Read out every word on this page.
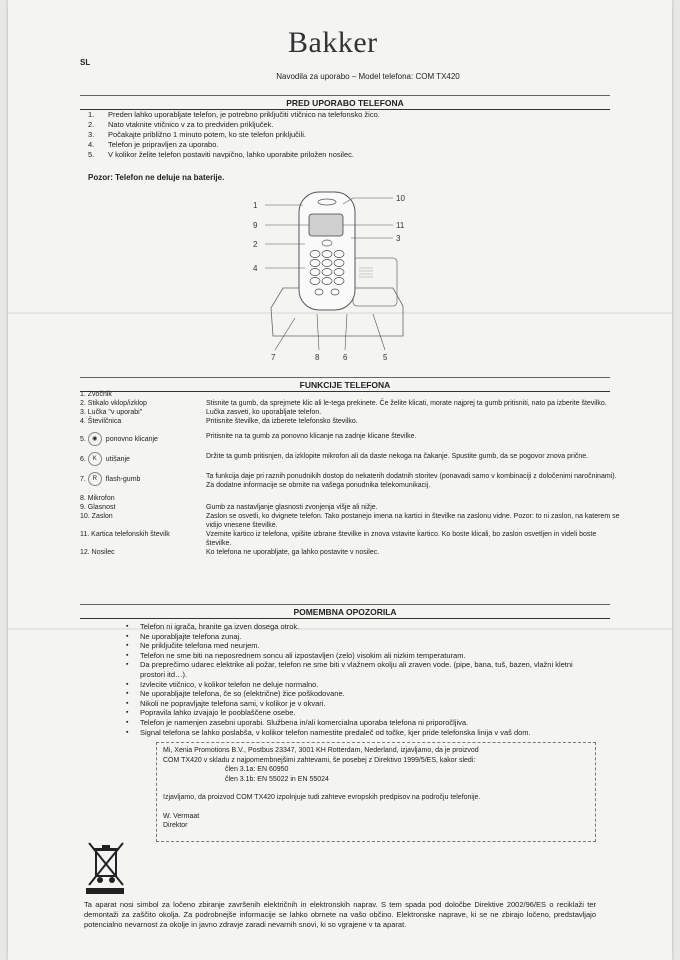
Bakker
SL
Navodila za uporabo – Model telefona: COM TX420
PRED UPORABO TELEFONA
1.	Preden lahko uporabljate telefon, je potrebno priključiti vtičnico na telefonsko žico.
2.	Nato vtaknite vtičnico v za to predviden priključek.
3.	Počakajte približno 1 minuto potem, ko ste telefon priključili.
4.	Telefon je pripravljen za uporabo.
5.	V kolikor želite telefon postaviti navpično, lahko uporabite priložen nosilec.
Pozor: Telefon ne deluje na baterije.
1
9
2
4
10
11
3
7	8	6	5
FUNKCIJE TELEFONA
1. Zvočnik
2. Stikalo vklop/izklop	Stisnite ta gumb, da sprejmete klic ali le-tega prekinete. Če želite klicati, morate najprej ta gumb pritisniti, nato pa izberite številko.
3. Lučka "v uporabi"	Lučka zasveti, ko uporabljate telefon.
4. Številčnica	Pritisnite številke, da izberete telefonsko številko.
5. ◉ ponovno klicanje	Pritisnite na ta gumb za ponovno klicanje na zadnje klicane številke.
6. K utišanje	Držite ta gumb pritisnjen, da izklopite mikrofon ali da daste nekoga na čakanje. Spustite gumb, da se pogovor znova prične.
7. R flash-gumb	Ta funkcija daje pri raznih ponudnikih dostop do nekaterih dodatnih storitev (ponavadi samo v kombinaciji z določenimi naročninami). Za dodatne informacije se obrnite na vašega ponudnika telekomunikacij.
8. Mikrofon
9. Glasnost	Gumb za nastavljanje glasnosti zvonjenja višje ali nižje.
10. Zaslon	Zaslon se osvetli, ko dvignete telefon. Tako postanejo imena na kartici in številke na zaslonu vidne. Pozor: to ni zaslon, na katerem se vidijo vnesene številke.
11. Kartica telefonskih številk	Vzemite kartico iz telefona, vpišite izbrane številke in znova vstavite kartico. Ko boste klicali, bo zaslon osvetljen in videli boste številke.
12. Nosilec	Ko telefona ne uporabljate, ga lahko postavite v nosilec.
POMEMBNA OPOZORILA
▪ Telefon ni igrača, hranite ga izven dosega otrok.
▪ Ne uporabljajte telefona zunaj.
▪ Ne priključite telefona med neurjem.
▪ Telefon ne sme biti na neposrednem soncu ali izpostavljen (zelo) visokim ali nizkim temperaturam.
▪ Da preprečimo udarec elektrike ali požar, telefon ne sme biti v vlažnem okolju ali zraven vode. (pipe, bana, tuš, bazen, vlažni kletni prostori itd…).
▪ Izvlecite vtičnico, v kolikor telefon ne deluje normalno.
▪ Ne uporabljajte telefona, če so (električne) žice poškodovane.
▪ Nikoli ne popravljajte telefona sami, v kolikor je v okvari.
▪ Popravila lahko izvajajo le pooblaščene osebe.
▪ Telefon je namenjen zasebni uporabi. Službena in/ali komercialna uporaba telefona ni priporočljiva.
▪ Signal telefona se lahko poslabša, v kolikor telefon namestite predaleč od točke, kjer pride telefonska linija v vaš dom.
Mi, Xenia Promotions B.V., Postbus 23347, 3001 KH Rotterdam, Nederland, izjavljamo, da je proizvod
COM TX420 v skladu z najpomembnejšimi zahtevami, še posebej z Direktivo 1999/5/ES, kakor sledi:
člen 3.1a: EN 60950
člen 3.1b: EN 55022 in EN 55024
Izjavljamo, da proizvod COM TX420 izpolnjuje tudi zahteve evropskih predpisov na področju telefonije.
W. Vermaat
Direktor
Ta aparat nosi simbol za ločeno zbiranje završenih električnih in elektronskih naprav. S tem spada pod določbe Direktive 2002/96/ES o reciklaži ter demontaži za zaščito okolja. Za podrobnejše informacije se lahko obrnete na vašo občino. Elektronske naprave, ki se ne zbirajo ločeno, predstavljajo potencialno nevarnost za okolje in javno zdravje zaradi nevarnih snovi, ki so vgrajene v ta aparat.
